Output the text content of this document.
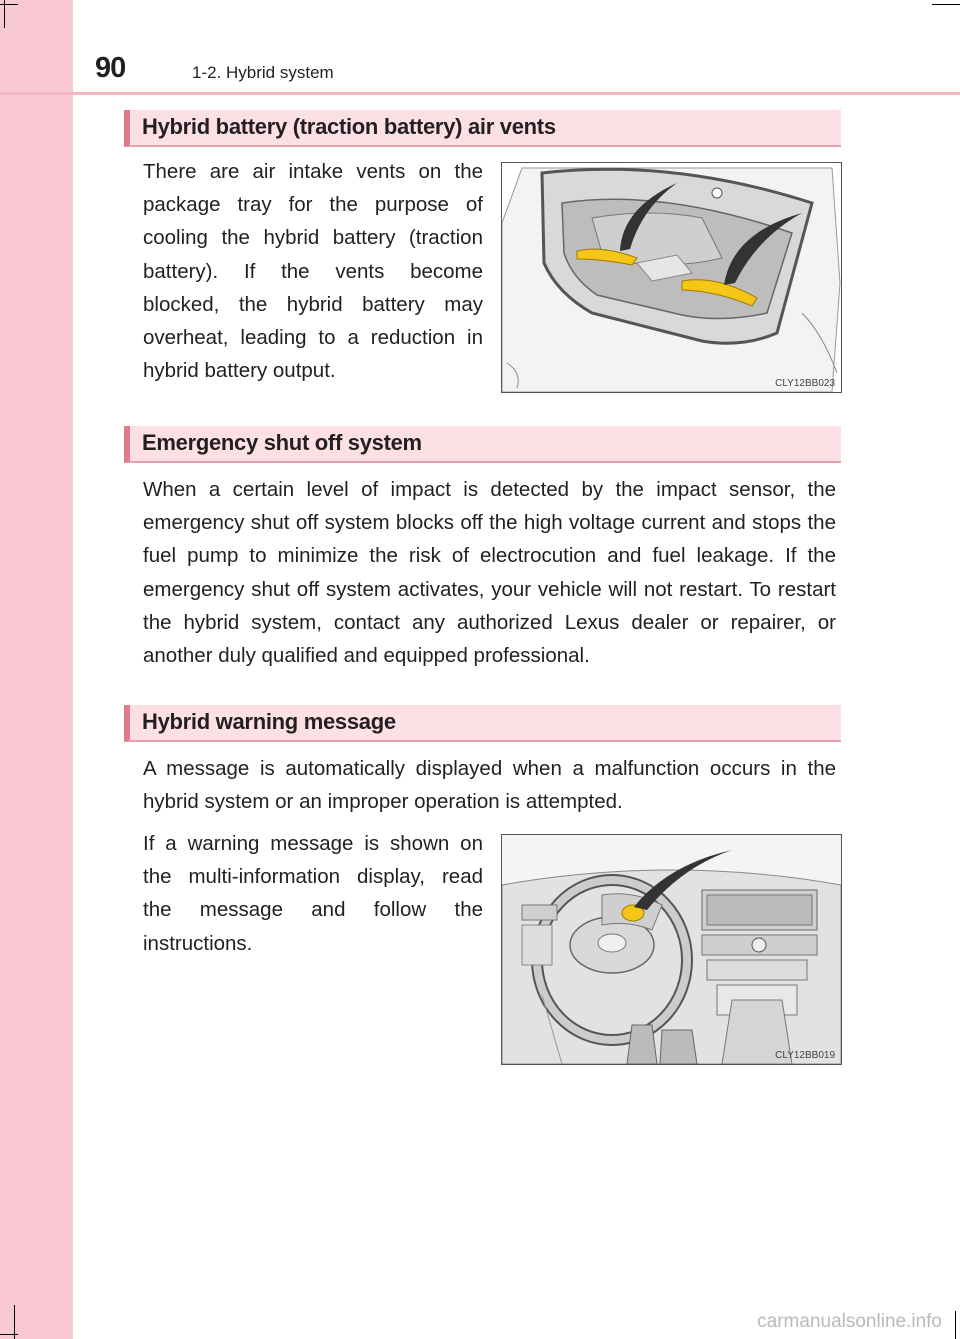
90	1-2. Hybrid system
Hybrid battery (traction battery) air vents
There are air intake vents on the package tray for the purpose of cooling the hybrid battery (traction battery). If the vents become blocked, the hybrid battery may overheat, leading to a reduction in hybrid battery output.
CLY12BB023
Emergency shut off system
When a certain level of impact is detected by the impact sensor, the emergency shut off system blocks off the high voltage current and stops the fuel pump to minimize the risk of electrocution and fuel leakage. If the emergency shut off system activates, your vehicle will not restart. To restart the hybrid system, contact any authorized Lexus dealer or repairer, or another duly qualified and equipped professional.
Hybrid warning message
A message is automatically displayed when a malfunction occurs in the hybrid system or an improper operation is attempted.
If a warning message is shown on the multi-information display, read the message and follow the instructions.
CLY12BB019
carmanualsonline.info
